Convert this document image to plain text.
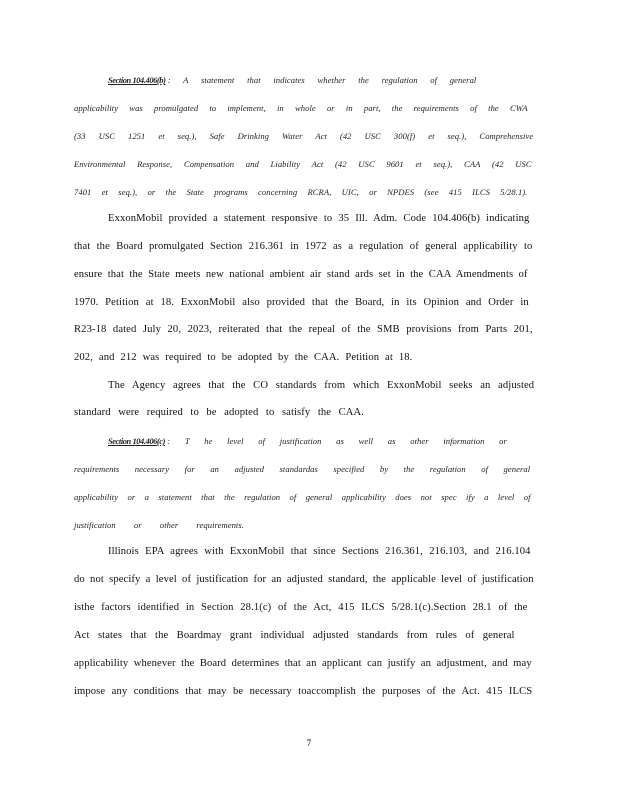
Section 104.406(b) : A statement that indicates whether the regulation of general
applicability was promulgated to implement, in whole or in part, the requirements of the CWA
(33 USC 1251 et seq.), Safe Drinking Water Act (42 USC 300(f) et seq.), Comprehensive
Environmental Response, Compensation and Liability Act (42 USC 9601 et seq.), CAA (42 USC
7401 et seq.), or the State programs concerning RCRA, UIC, or NPDES (see 415 ILCS 5/28.1).
ExxonMobil provided a statement responsive to 35 Ill. Adm. Code 104.406(b) indicating
that the Board promulgated Section 216.361 in 1972 as a regulation of general applicability to
ensure that the State meets new national ambient air stand ards set in the CAA Amendments of
1970. Petition at 18. ExxonMobil also provided that the Board, in its Opinion and Order in
R23-18 dated July 20, 2023, reiterated that the repeal of the SMB provisions from Parts 201,
202, and 212 was required to be adopted by the CAA. Petition at 18.
The Agency agrees that the CO standards from which ExxonMobil seeks an adjusted
standard were required to be adopted to satisfy the CAA.
Section 104.406(c) : T he level of justification as well as other information or
requirements necessary for an adjusted standardas specified by the regulation of general
applicability or a statement that the regulation of general applicability does not spec ify a level of
justification or other requirements.
Illinois EPA agrees with ExxonMobil that since Sections 216.361, 216.103, and 216.104
do not specify a level of justification for an adjusted standard, the applicable level of justification
isthe factors identified in Section 28.1(c) of the Act, 415 ILCS 5/28.1(c).Section 28.1 of the
Act states that the Boardmay grant individual adjusted standards from rules of general
applicability whenever the Board determines that an applicant can justify an adjustment, and may
impose any conditions that may be necessary toaccomplish the purposes of the Act. 415 ILCS
7
